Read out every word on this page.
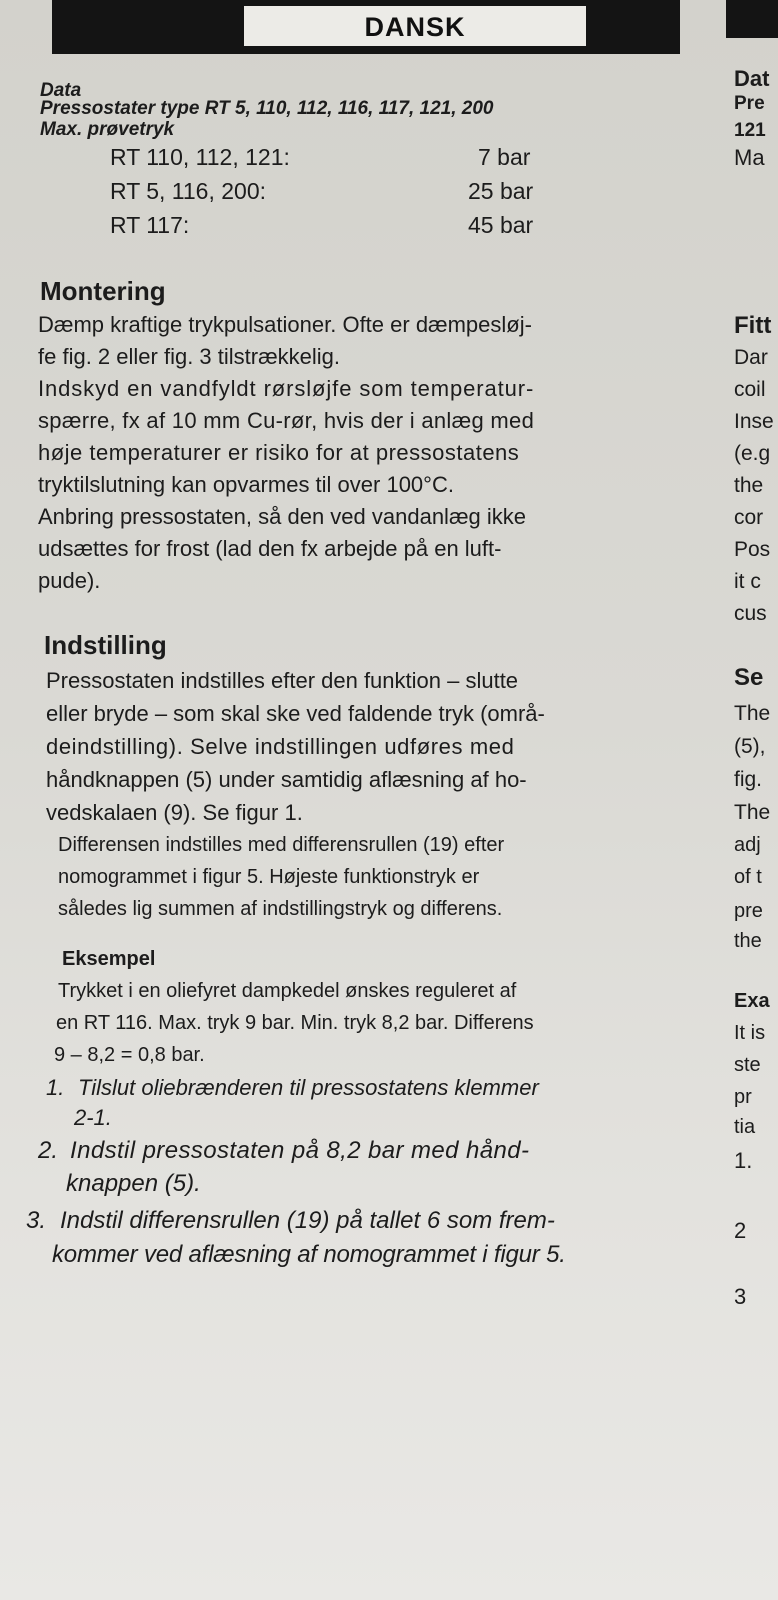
DANSK
Data
Pressostater type RT 5, 110, 112, 116, 117, 121, 200
Max. prøvetryk
RT 110, 112, 121:	7 bar
RT 5, 116, 200:	25 bar
RT 117:	45 bar
Montering
Dæmp kraftige trykpulsationer. Ofte er dæmpesløj-
fe fig. 2 eller fig. 3 tilstrækkelig.
Indskyd en vandfyldt rørsløjfe som temperatur-
spærre, fx af 10 mm Cu-rør, hvis der i anlæg med
høje temperaturer er risiko for at pressostatens
tryktilslutning kan opvarmes til over 100°C.
Anbring pressostaten, så den ved vandanlæg ikke
udsættes for frost (lad den fx arbejde på en luft-
pude).
Indstilling
Pressostaten indstilles efter den funktion – slutte
eller bryde – som skal ske ved faldende tryk (områ-
deindstilling). Selve indstillingen udføres med
håndknappen (5) under samtidig aflæsning af ho-
vedskalaen (9). Se figur 1.
Differensen indstilles med differensrullen (19) efter
nomogrammet i figur 5. Højeste funktionstryk er
således lig summen af indstillingstryk og differens.
Eksempel
Trykket i en oliefyret dampkedel ønskes reguleret af
en RT 116. Max. tryk 9 bar. Min. tryk 8,2 bar. Differens
9 – 8,2 = 0,8 bar.
1. Tilslut oliebrænderen til pressostatens klemmer
2-1.
2. Indstil pressostaten på 8,2 bar med hånd-
knappen (5).
3. Indstil differensrullen (19) på tallet 6 som frem-
kommer ved aflæsning af nomogrammet i figur 5.
Dat
Pre
121
Ma
Fitt
Dar
coil
Inse
(e.g
the
cor
Pos
it c
cus
Se
The
(5),
fig.
The
adj
of t
pre
the
Exa
It is
ste
pr
tia
1.
2
3
